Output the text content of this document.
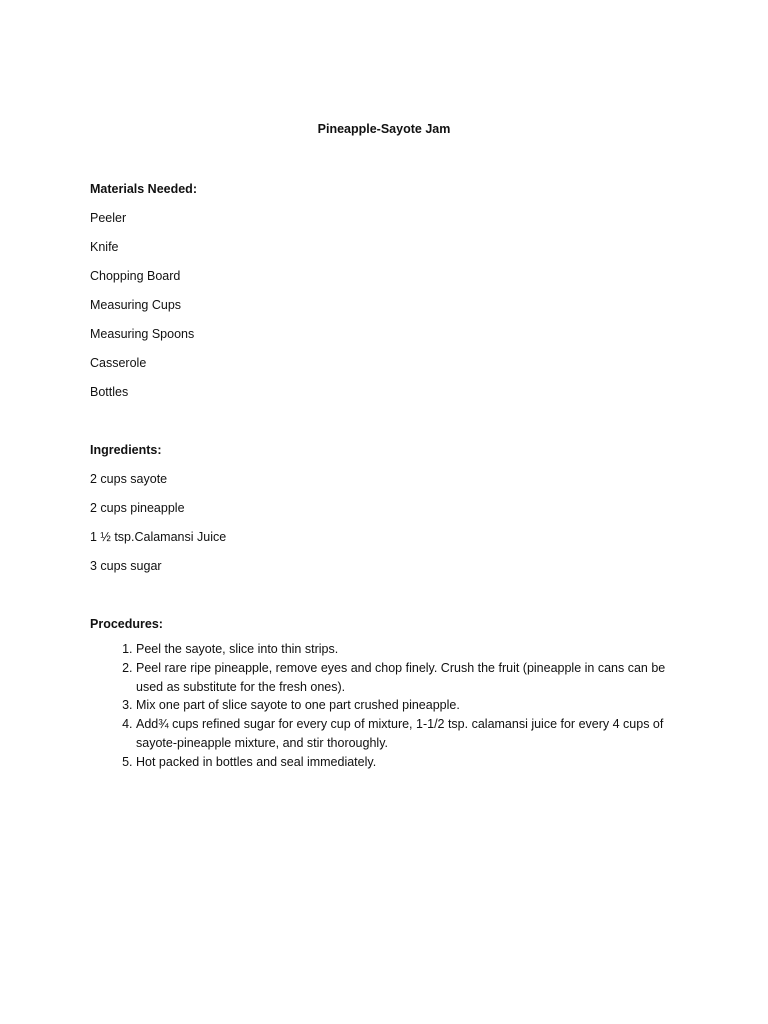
Pineapple-Sayote Jam
Materials Needed:
Peeler
Knife
Chopping Board
Measuring Cups
Measuring Spoons
Casserole
Bottles
Ingredients:
2 cups sayote
2 cups pineapple
1 ½ tsp.Calamansi Juice
3 cups sugar
Procedures:
1. Peel the sayote, slice into thin strips.
2. Peel rare ripe pineapple, remove eyes and chop finely. Crush the fruit (pineapple in cans can be used as substitute for the fresh ones).
3. Mix one part of slice sayote to one part crushed pineapple.
4. Add¾ cups refined sugar for every cup of mixture, 1-1/2 tsp. calamansi juice for every 4 cups of sayote-pineapple mixture, and stir thoroughly.
5. Hot packed in bottles and seal immediately.
